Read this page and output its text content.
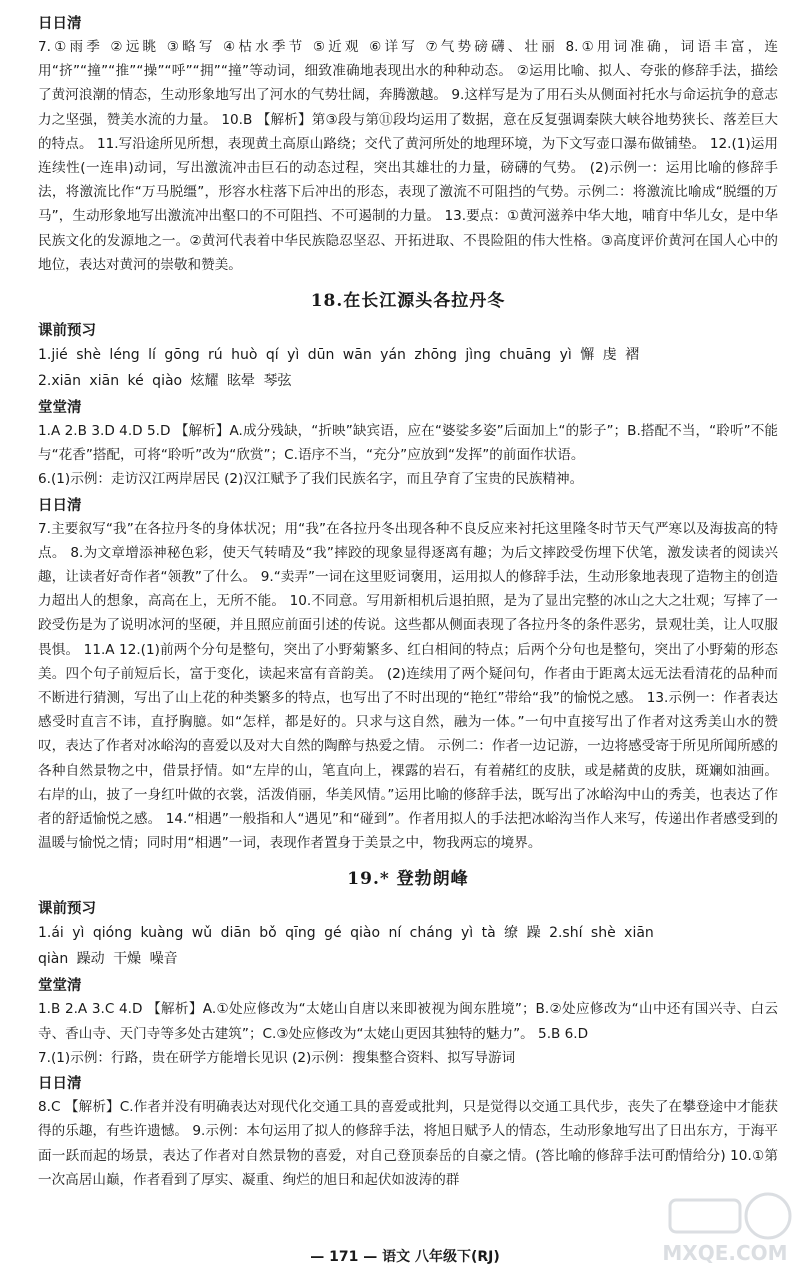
日日清

7.①雨季 ②远眺 ③略写 ④枯水季节 ⑤近观 ⑥详写 ⑦气势磅礴、壮丽 8.①用词准确，词语丰富，连用“挤”“撞”“推”“操”“呼”“拥”“撞”等动词，细致准确地表现出水的种种动态。 ②运用比喻、拟人、夸张的修辞手法，描绘了黄河浪潮的情态，生动形象地写出了河水的气势壮阔，奔腾激越。 9.这样写是为了用石头从侧面衬托水与命运抗争的意志力之坚强，赞美水流的力量。 10.B 【解析】第③段与第⑪段均运用了数据，意在反复强调秦陕大峡谷地势狭长、落差巨大的特点。 11.写沿途所见所想，表现黄土高原山路绕；交代了黄河所处的地理环境，为下文写壶口瀑布做铺垫。 12.(1)运用连续性(一连串)动词，写出激流冲击巨石的动态过程，突出其雄壮的力量，磅礴的气势。 (2)示例一：运用比喻的修辞手法，将激流比作“万马脱缰”，形容水柱落下后冲出的形态，表现了激流不可阻挡的气势。示例二：将激流比喻成“脱缰的万马”，生动形象地写出激流冲出壑口的不可阻挡、不可遏制的力量。 13.要点：①黄河滋养中华大地，哺育中华儿女，是中华民族文化的发源地之一。②黄河代表着中华民族隐忍坚忍、开拓进取、不畏险阻的伟大性格。③高度评价黄河在国人心中的地位，表达对黄河的崇敬和赞美。

18.在长江源头各拉丹冬
课前预习

1.jié shè léng lí gōng rú huò qí yì dūn wān yán zhōng jìng chuāng yì 懈 虔 褶

2.xiān xiān ké qiào 炫耀 眩晕 琴弦

堂堂清

1.A 2.B 3.D 4.D 5.D 【解析】A.成分残缺，“折映”缺宾语，应在“婆娑多姿”后面加上“的影子”；B.搭配不当，“聆听”不能与“花香”搭配，可将“聆听”改为“欣赏”；C.语序不当，“充分”应放到“发挥”的前面作状语。

6.(1)示例：走访汉江两岸居民 (2)汉江赋予了我们民族名字，而且孕育了宝贵的民族精神。

日日清

7.主要叙写“我”在各拉丹冬的身体状况；用“我”在各拉丹冬出现各种不良反应来衬托这里隆冬时节天气严寒以及海拔高的特点。 8.为文章增添神秘色彩，使天气转晴及“我”摔跤的现象显得逐离有趣；为后文摔跤受伤埋下伏笔，激发读者的阅读兴趣，让读者好奇作者“领教”了什么。 9.“卖弄”一词在这里贬词褒用，运用拟人的修辞手法，生动形象地表现了造物主的创造力超出人的想象，高高在上，无所不能。 10.不同意。写用新相机后退拍照，是为了显出完整的冰山之大之壮观；写摔了一跤受伤是为了说明冰河的坚硬，并且照应前面引述的传说。这些都从侧面表现了各拉丹冬的条件恶劣，景观壮美，让人叹服畏惧。 11.A 12.(1)前两个分句是整句，突出了小野菊繁多、红白相间的特点；后两个分句也是整句，突出了小野菊的形态美。四个句子前短后长，富于变化，读起来富有音韵美。 (2)连续用了两个疑问句，作者由于距离太远无法看清花的品种而不断进行猜测，写出了山上花的种类繁多的特点，也写出了不时出现的“艳红”带给“我”的愉悦之感。 13.示例一：作者表达感受时直言不讳，直抒胸臆。如“怎样，都是好的。只求与这自然，融为一体。”一句中直接写出了作者对这秀美山水的赞叹，表达了作者对冰峪沟的喜爱以及对大自然的陶醉与热爱之情。 示例二：作者一边记游，一边将感受寄于所见所闻所感的各种自然景物之中，借景抒情。如“左岸的山，笔直向上，裸露的岩石，有着赭红的皮肤，或是赭黄的皮肤，斑斓如油画。右岸的山，披了一身红叶做的衣裳，活泼俏丽，华美风情。”运用比喻的修辞手法，既写出了冰峪沟中山的秀美，也表达了作者的舒适愉悦之感。 14.“相遇”一般指和人“遇见”和“碰到”。作者用拟人的手法把冰峪沟当作人来写，传递出作者感受到的温暖与愉悦之情；同时用“相遇”一词，表现作者置身于美景之中，物我两忘的境界。

19.* 登勃朗峰
课前预习

1.ái yì qióng kuàng wǔ diān bǒ qīng gé qiào ní cháng yì tà 缭 躁 2.shí shè xiān

qiàn 躁动 干燥 噪音

堂堂清

1.B 2.A 3.C 4.D 【解析】A.①处应修改为“太姥山自唐以来即被视为闽东胜境”；B.②处应修改为“山中还有国兴寺、白云寺、香山寺、天门寺等多处古建筑”；C.③处应修改为“太姥山更因其独特的魅力”。 5.B 6.D

7.(1)示例：行路，贵在研学方能增长见识 (2)示例：搜集整合资料、拟写导游词

日日清

8.C 【解析】C.作者并没有明确表达对现代化交通工具的喜爱或批判，只是觉得以交通工具代步，丧失了在攀登途中才能获得的乐趣，有些许遗憾。 9.示例：本句运用了拟人的修辞手法，将旭日赋予人的情态，生动形象地写出了日出东方，于海平面一跃而起的场景，表达了作者对自然景物的喜爱，对自己登顶泰岳的自豪之情。(答比喻的修辞手法可酌情给分) 10.①第一次高居山巅，作者看到了厚实、凝重、绚烂的旭日和起伏如波涛的群

— 171 — 语文 八年级下(RJ)	MXQE.COM
